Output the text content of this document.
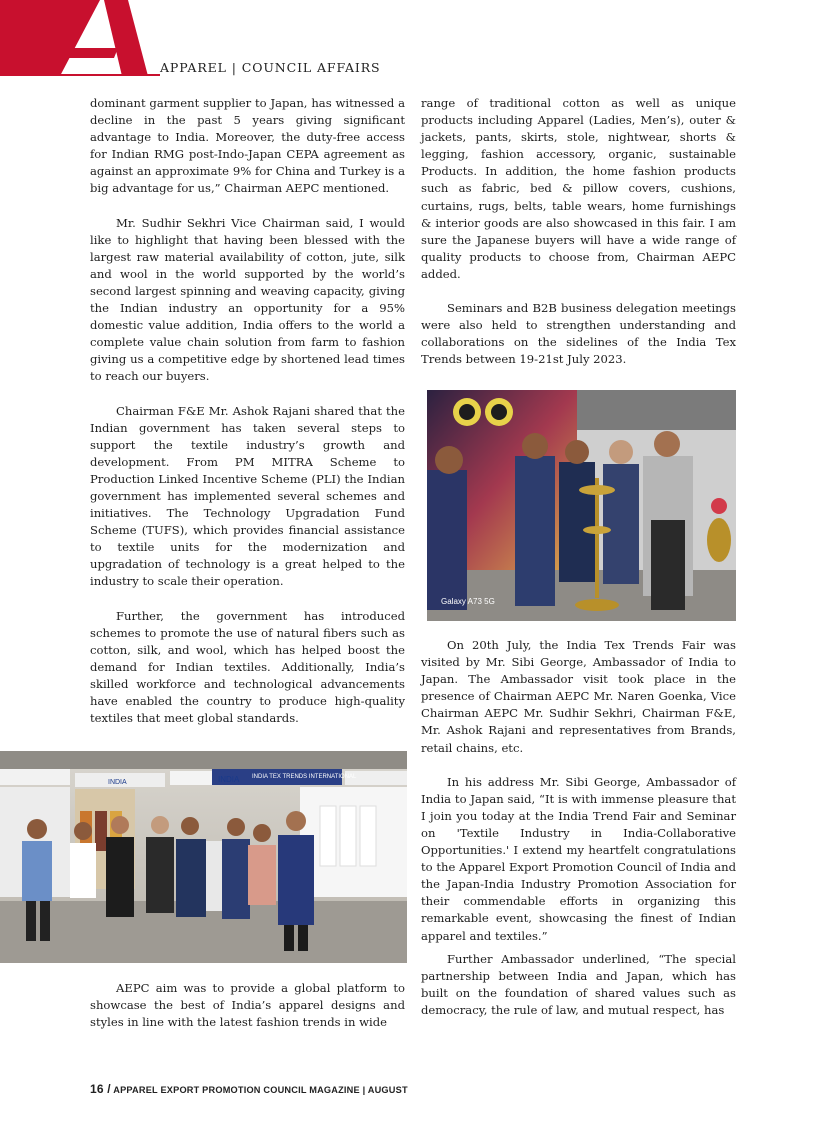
APPAREL | COUNCIL AFFAIRS

dominant garment supplier to Japan, has witnessed a decline in the past 5 years giving significant advantage to India. Moreover, the duty-free access for Indian RMG post-Indo-Japan CEPA agreement as against an approximate 9% for China and Turkey is a big advantage for us,” Chairman AEPC mentioned.

Mr. Sudhir Sekhri Vice Chairman said, I would like to highlight that having been blessed with the largest raw material availability of cotton, jute, silk and wool in the world supported by the world’s second largest spinning and weaving capacity, giving the Indian industry an opportunity for a 95% domestic value addition, India offers to the world a complete value chain solution from farm to fashion giving us a competitive edge by shortened lead times to reach our buyers.

Chairman F&E Mr. Ashok Rajani shared that the Indian government has taken several steps to support the textile industry’s growth and development. From PM MITRA Scheme to Production Linked Incentive Scheme (PLI) the Indian government has implemented several schemes and initiatives. The Technology Upgradation Fund Scheme (TUFS), which provides financial assistance to textile units for the modernization and upgradation of technology is a great helped to the industry to scale their operation.

Further, the government has introduced schemes to promote the use of natural fibers such as cotton, silk, and wool, which has helped boost the demand for Indian textiles. Additionally, India’s skilled workforce and technological advancements have enabled the country to produce high-quality textiles that meet global standards.

INDIA	INDIA INDIA TEX TRENDS INTERNATIONAL

AEPC aim was to provide a global platform to showcase the best of India’s apparel designs and styles in line with the latest fashion trends in wide

range of traditional cotton as well as unique products including Apparel (Ladies, Men’s), outer & jackets, pants, skirts, stole, nightwear, shorts & legging, fashion accessory, organic, sustainable Products. In addition, the home fashion products such as fabric, bed & pillow covers, cushions, curtains, rugs, belts, table wears, home furnishings & interior goods are also showcased in this fair. I am sure the Japanese buyers will have a wide range of quality products to choose from, Chairman AEPC added.

Seminars and B2B business delegation meetings were also held to strengthen understanding and collaborations on the sidelines of the India Tex Trends between 19-21st July 2023.

Galaxy A73 5G

On 20th July, the India Tex Trends Fair was visited by Mr. Sibi George, Ambassador of India to Japan. The Ambassador visit took place in the presence of Chairman AEPC Mr. Naren Goenka, Vice Chairman AEPC Mr. Sudhir Sekhri, Chairman F&E, Mr. Ashok Rajani and representatives from Brands, retail chains, etc.

In his address Mr. Sibi George, Ambassador of India to Japan said, “It is with immense pleasure that I join you today at the India Trend Fair and Seminar on 'Textile Industry in India-Collaborative Opportunities.' I extend my heartfelt congratulations to the Apparel Export Promotion Council of India and the Japan-India Industry Promotion Association for their commendable efforts in organizing this remarkable event, showcasing the finest of Indian apparel and textiles.”

Further Ambassador underlined, “The special partnership between India and Japan, which has built on the foundation of shared values such as democracy, the rule of law, and mutual respect, has

16 / APPAREL EXPORT PROMOTION COUNCIL MAGAZINE | AUGUST
